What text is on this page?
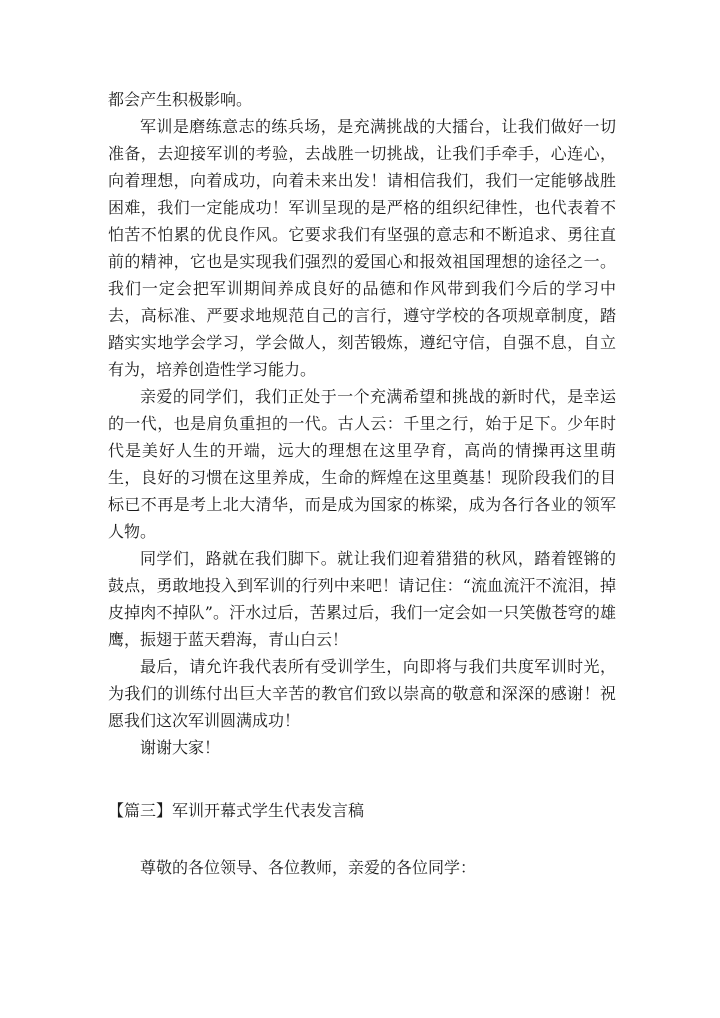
都会产生积极影响。

军训是磨练意志的练兵场，是充满挑战的大擂台，让我们做好一切准备，去迎接军训的考验，去战胜一切挑战，让我们手牵手，心连心，向着理想，向着成功，向着未来出发！请相信我们，我们一定能够战胜困难，我们一定能成功！军训呈现的是严格的组织纪律性，也代表着不怕苦不怕累的优良作风。它要求我们有坚强的意志和不断追求、勇往直前的精神，它也是实现我们强烈的爱国心和报效祖国理想的途径之一。我们一定会把军训期间养成良好的品德和作风带到我们今后的学习中去，高标准、严要求地规范自己的言行，遵守学校的各项规章制度，踏踏实实地学会学习，学会做人，刻苦锻炼，遵纪守信，自强不息，自立有为，培养创造性学习能力。

亲爱的同学们，我们正处于一个充满希望和挑战的新时代，是幸运的一代，也是肩负重担的一代。古人云：千里之行，始于足下。少年时代是美好人生的开端，远大的理想在这里孕育，高尚的情操再这里萌生，良好的习惯在这里养成，生命的辉煌在这里奠基！现阶段我们的目标已不再是考上北大清华，而是成为国家的栋梁，成为各行各业的领军人物。

同学们，路就在我们脚下。就让我们迎着猎猎的秋风，踏着铿锵的鼓点，勇敢地投入到军训的行列中来吧！请记住：“流血流汗不流泪，掉皮掉肉不掉队”。汗水过后，苦累过后，我们一定会如一只笑傲苍穹的雄鹰，振翅于蓝天碧海，青山白云！

最后，请允许我代表所有受训学生，向即将与我们共度军训时光，为我们的训练付出巨大辛苦的教官们致以崇高的敬意和深深的感谢！祝愿我们这次军训圆满成功！

谢谢大家！

【篇三】军训开幕式学生代表发言稿

尊敬的各位领导、各位教师，亲爱的各位同学：
